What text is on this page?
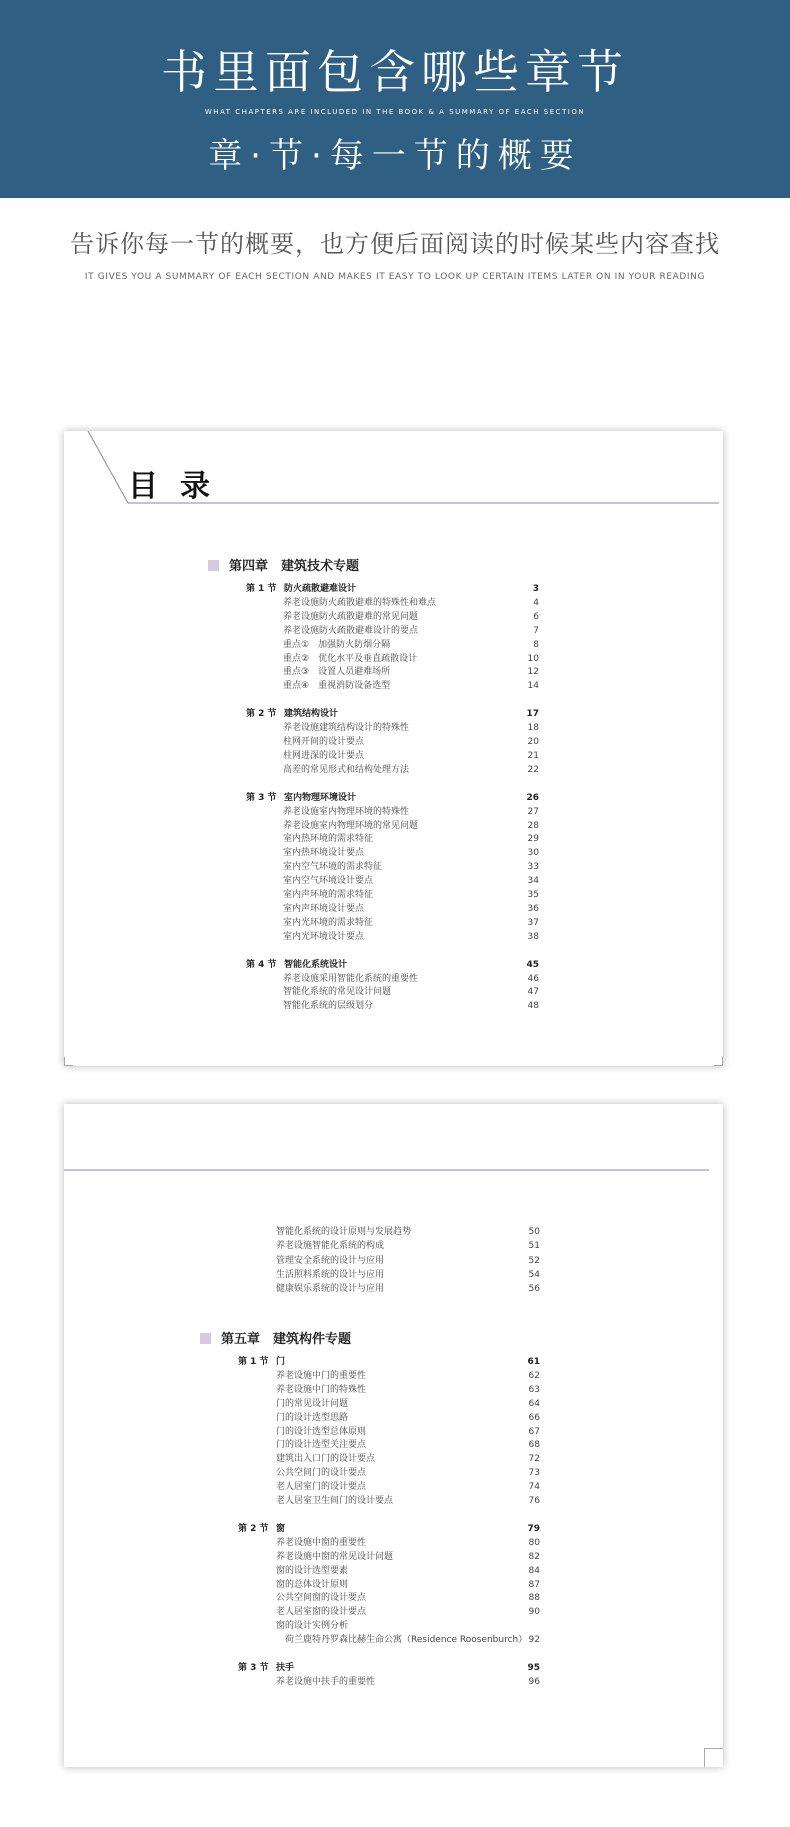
书里面包含哪些章节
WHAT CHAPTERS ARE INCLUDED IN THE BOOK & A SUMMARY OF EACH SECTION
章·节·每一节的概要
告诉你每一节的概要，也方便后面阅读的时候某些内容查找
IT GIVES YOU A SUMMARY OF EACH SECTION AND MAKES IT EASY TO LOOK UP CERTAIN ITEMS LATER ON IN YOUR READING
目录
第四章　建筑技术专题
第 1 节 防火疏散避难设计	3
养老设施防火疏散避难的特殊性和难点	4
养老设施防火疏散避难的常见问题	6
养老设施防火疏散避难设计的要点	7
重点①　加强防火防烟分隔	8
重点②　优化水平及垂直疏散设计	10
重点③　设置人员避难场所	12
重点④　重视消防设备选型	14
第 2 节 建筑结构设计	17
养老设施建筑结构设计的特殊性	18
柱网开间的设计要点	20
柱网进深的设计要点	21
高差的常见形式和结构处理方法	22
第 3 节 室内物理环境设计	26
养老设施室内物理环境的特殊性	27
养老设施室内物理环境的常见问题	28
室内热环境的需求特征	29
室内热环境设计要点	30
室内空气环境的需求特征	33
室内空气环境设计要点	34
室内声环境的需求特征	35
室内声环境设计要点	36
室内光环境的需求特征	37
室内光环境设计要点	38
第 4 节 智能化系统设计	45
养老设施采用智能化系统的重要性	46
智能化系统的常见设计问题	47
智能化系统的层级划分	48
智能化系统的设计原则与发展趋势	50
养老设施智能化系统的构成	51
管理安全系统的设计与应用	52
生活照料系统的设计与应用	54
健康娱乐系统的设计与应用	56
第五章　建筑构件专题
第 1 节 门	61
养老设施中门的重要性	62
养老设施中门的特殊性	63
门的常见设计问题	64
门的设计选型思路	66
门的设计选型总体原则	67
门的设计选型关注要点	68
建筑出入口门的设计要点	72
公共空间门的设计要点	73
老人居室门的设计要点	74
老人居室卫生间门的设计要点	76
第 2 节 窗	79
养老设施中窗的重要性	80
养老设施中窗的常见设计问题	82
窗的设计选型要素	84
窗的总体设计原则	87
公共空间窗的设计要点	88
老人居室窗的设计要点	90
窗的设计实例分析
　荷兰鹿特丹罗森比赫生命公寓（Residence Roosenburch） 92
第 3 节 扶手	95
养老设施中扶手的重要性	96
